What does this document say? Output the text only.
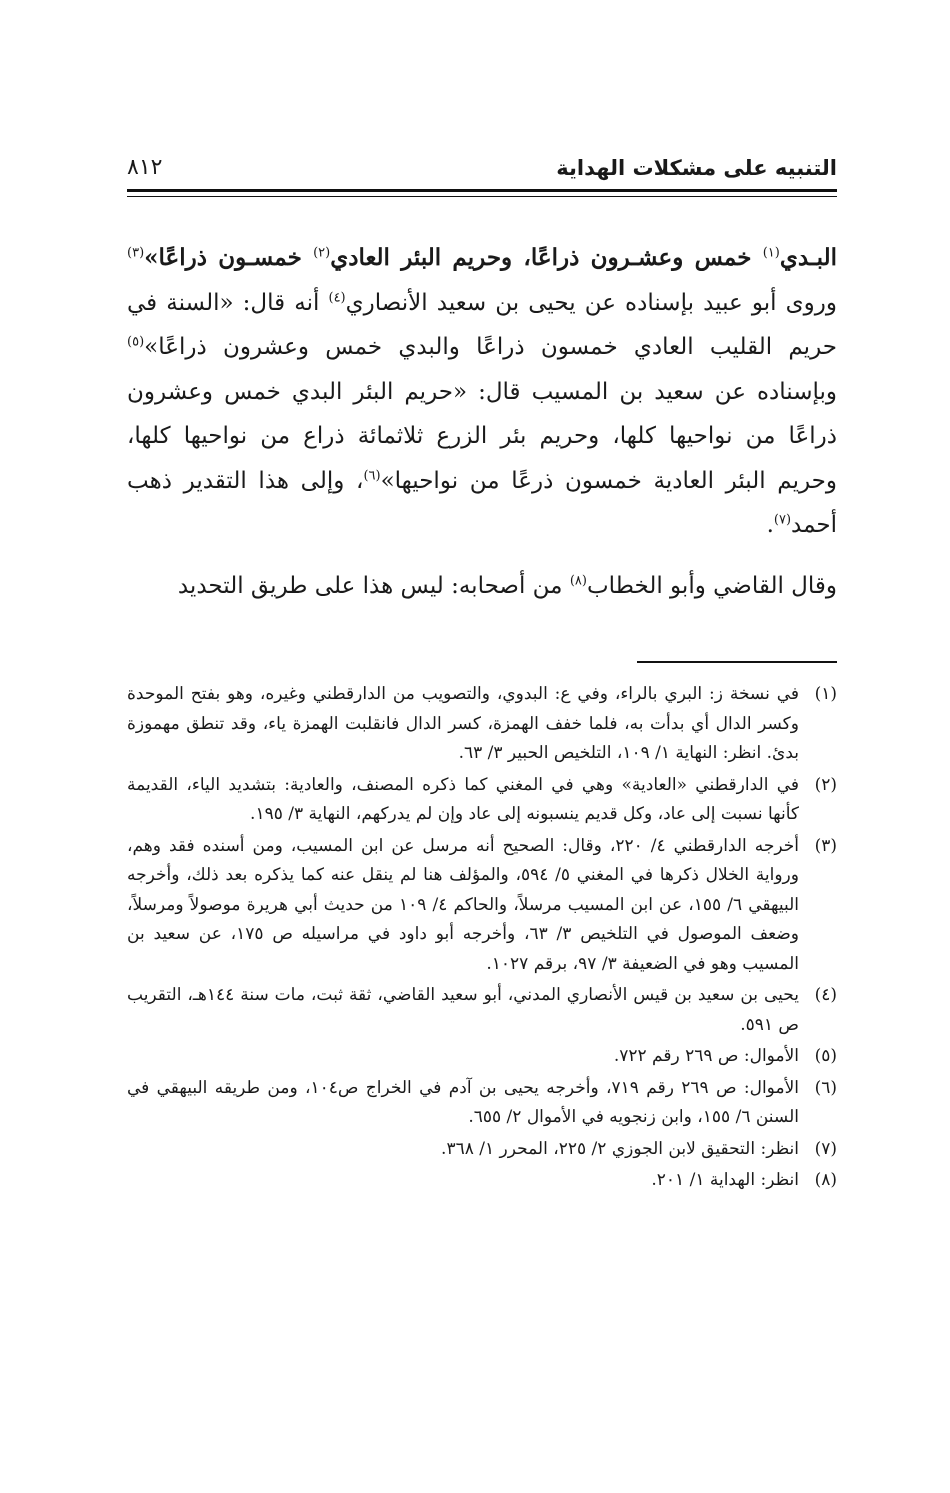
التنبيه على مشكلات الهداية
٨١٢

البـدي$^{(١)}$ خمس وعشـرون ذراعًا، وحريم البئر العادي$^{(٢)}$ خمسـون ذراعًا»$^{(٣)}$ وروى أبو عبيد بإسناده عن يحيى بن سعيد الأنصاري$^{(٤)}$ أنه قال: «السنة في حريم القليب العادي خمسون ذراعًا والبدي خمس وعشرون ذراعًا»$^{(٥)}$ وبإسناده عن سعيد بن المسيب قال: «حريم البئر البدي خمس وعشرون ذراعًا من نواحيها كلها، وحريم بئر الزرع ثلاثمائة ذراع من نواحيها كلها، وحريم البئر العادية خمسون ذرعًا من نواحيها»$^{(٦)}$، وإلى هذا التقدير ذهب أحمد$^{(٧)}$.

وقال القاضي وأبو الخطاب$^{(٨)}$ من أصحابه: ليس هذا على طريق التحديد

(١)
في نسخة ز: البري بالراء، وفي ع: البدوي، والتصويب من الدارقطني وغيره، وهو بفتح الموحدة وكسر الدال أي بدأت به، فلما خفف الهمزة، كسر الدال فانقلبت الهمزة ياء، وقد تنطق مهموزة بدئ. انظر: النهاية ١/ ١٠٩، التلخيص الحبير ٣/ ٦٣.
(٢)
في الدارقطني «العادية» وهي في المغني كما ذكره المصنف، والعادية: بتشديد الياء، القديمة كأنها نسبت إلى عاد، وكل قديم ينسبونه إلى عاد وإن لم يدركهم، النهاية ٣/ ١٩٥.
(٣)
أخرجه الدارقطني ٤/ ٢٢٠، وقال: الصحيح أنه مرسل عن ابن المسيب، ومن أسنده فقد وهم، ورواية الخلال ذكرها في المغني ٥/ ٥٩٤، والمؤلف هنا لم ينقل عنه كما يذكره بعد ذلك، وأخرجه البيهقي ٦/ ١٥٥، عن ابن المسيب مرسلاً، والحاكم ٤/ ١٠٩ من حديث أبي هريرة موصولاً ومرسلاً، وضعف الموصول في التلخيص ٣/ ٦٣، وأخرجه أبو داود في مراسيله ص ١٧٥، عن سعيد بن المسيب وهو في الضعيفة ٣/ ٩٧، برقم ١٠٢٧.
(٤)
يحيى بن سعيد بن قيس الأنصاري المدني، أبو سعيد القاضي، ثقة ثبت، مات سنة ١٤٤هـ، التقريب ص ٥٩١.
(٥)
الأموال: ص ٢٦٩ رقم ٧٢٢.
(٦)
الأموال: ص ٢٦٩ رقم ٧١٩، وأخرجه يحيى بن آدم في الخراج ص١٠٤، ومن طريقه البيهقي في السنن ٦/ ١٥٥، وابن زنجويه في الأموال ٢/ ٦٥٥.
(٧)
انظر: التحقيق لابن الجوزي ٢/ ٢٢٥، المحرر ١/ ٣٦٨.
(٨)
انظر: الهداية ١/ ٢٠١.
